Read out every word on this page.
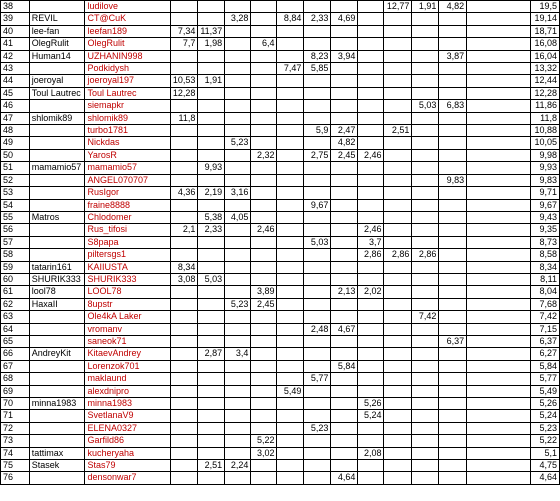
38		ludilove									12,77	1,91	4,82		19,5
39	REVIL	CT@CuK			3,28		8,84	2,33	4,69						19,14
40	lee-fan	leefan189	7,34	11,37											18,71
41	OlegRulit	OlegRulit	7,7	1,98		6,4									16,08
42	Human14	UZHANIN998						8,23	3,94				3,87		16,04
43		Podkidysh					7,47	5,85							13,32
44	joeroyal	joeroyal197	10,53	1,91											12,44
45	Toul Lautrec	Toul Lautrec	12,28												12,28
46		siemapkr										5,03	6,83		11,86
47	shlomik89	shlomik89	11,8												11,8
48		turbo1781						5,9	2,47		2,51				10,88
49		Nickdas			5,23				4,82						10,05
50		YarosR				2,32		2,75	2,45	2,46					9,98
51	mamamio57	mamamio57		9,93											9,93
52		ANGEL070707											9,83		9,83
53		RusIgor	4,36	2,19	3,16										9,71
54		fraine8888						9,67							9,67
55	Matros	Chlodomer		5,38	4,05										9,43
56		Rus_tifosi	2,1	2,33		2,46				2,46					9,35
57		S8papa						5,03		3,7					8,73
58		piltersgs1								2,86	2,86	2,86			8,58
59	tatarin161	KAIIUSTA	8,34												8,34
60	SHURIK333	SHURIK333	3,08	5,03											8,11
61	lool78	LOOL78				3,89			2,13	2,02					8,04
62	HaxaII	8upstr			5,23	2,45									7,68
63		Ole4kA Laker										7,42			7,42
64		vromanv						2,48	4,67						7,15
65		saneok71											6,37		6,37
66	AndreyKit	KitaevAndrey		2,87	3,4										6,27
67		Lorenzok701							5,84						5,84
68		maklaund						5,77							5,77
69		alexdnipro					5,49								5,49
70	minna1983	minna1983								5,26					5,26
71		SvetlanaV9								5,24					5,24
72		ELENA0327						5,23							5,23
73		Garfild86				5,22									5,22
74	tattimax	kucheryaha				3,02				2,08					5,1
75	Stasek	Stas79		2,51	2,24										4,75
76		densonwar7							4,64						4,64
